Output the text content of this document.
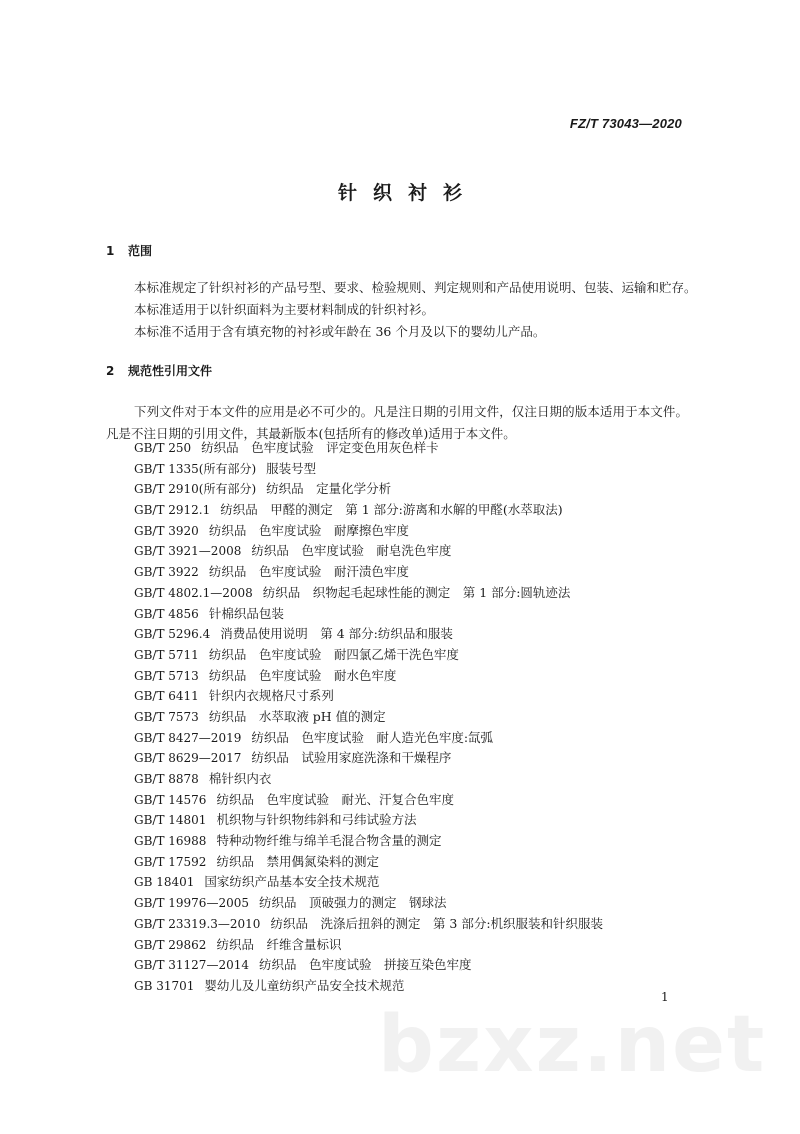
FZ/T 73043—2020
针织衬衫
1 范围
本标准规定了针织衬衫的产品号型、要求、检验规则、判定规则和产品使用说明、包装、运输和贮存。
本标准适用于以针织面料为主要材料制成的针织衬衫。
本标准不适用于含有填充物的衬衫或年龄在 36 个月及以下的婴幼儿产品。
2 规范性引用文件
下列文件对于本文件的应用是必不可少的。凡是注日期的引用文件，仅注日期的版本适用于本文件。凡是不注日期的引用文件，其最新版本(包括所有的修改单)适用于本文件。
GB/T 250 纺织品　色牢度试验　评定变色用灰色样卡
GB/T 1335(所有部分) 服装号型
GB/T 2910(所有部分) 纺织品　定量化学分析
GB/T 2912.1 纺织品　甲醛的测定　第 1 部分:游离和水解的甲醛(水萃取法)
GB/T 3920 纺织品　色牢度试验　耐摩擦色牢度
GB/T 3921—2008 纺织品　色牢度试验　耐皂洗色牢度
GB/T 3922 纺织品　色牢度试验　耐汗渍色牢度
GB/T 4802.1—2008 纺织品　织物起毛起球性能的测定　第 1 部分:圆轨迹法
GB/T 4856 针棉织品包装
GB/T 5296.4 消费品使用说明　第 4 部分:纺织品和服装
GB/T 5711 纺织品　色牢度试验　耐四氯乙烯干洗色牢度
GB/T 5713 纺织品　色牢度试验　耐水色牢度
GB/T 6411 针织内衣规格尺寸系列
GB/T 7573 纺织品　水萃取液 pH 值的测定
GB/T 8427—2019 纺织品　色牢度试验　耐人造光色牢度:氙弧
GB/T 8629—2017 纺织品　试验用家庭洗涤和干燥程序
GB/T 8878 棉针织内衣
GB/T 14576 纺织品　色牢度试验　耐光、汗复合色牢度
GB/T 14801 机织物与针织物纬斜和弓纬试验方法
GB/T 16988 特种动物纤维与绵羊毛混合物含量的测定
GB/T 17592 纺织品　禁用偶氮染料的测定
GB 18401 国家纺织产品基本安全技术规范
GB/T 19976—2005 纺织品　顶破强力的测定　钢球法
GB/T 23319.3—2010 纺织品　洗涤后扭斜的测定　第 3 部分:机织服装和针织服装
GB/T 29862 纺织品　纤维含量标识
GB/T 31127—2014 纺织品　色牢度试验　拼接互染色牢度
GB 31701 婴幼儿及儿童纺织产品安全技术规范
1
bzxz.net
